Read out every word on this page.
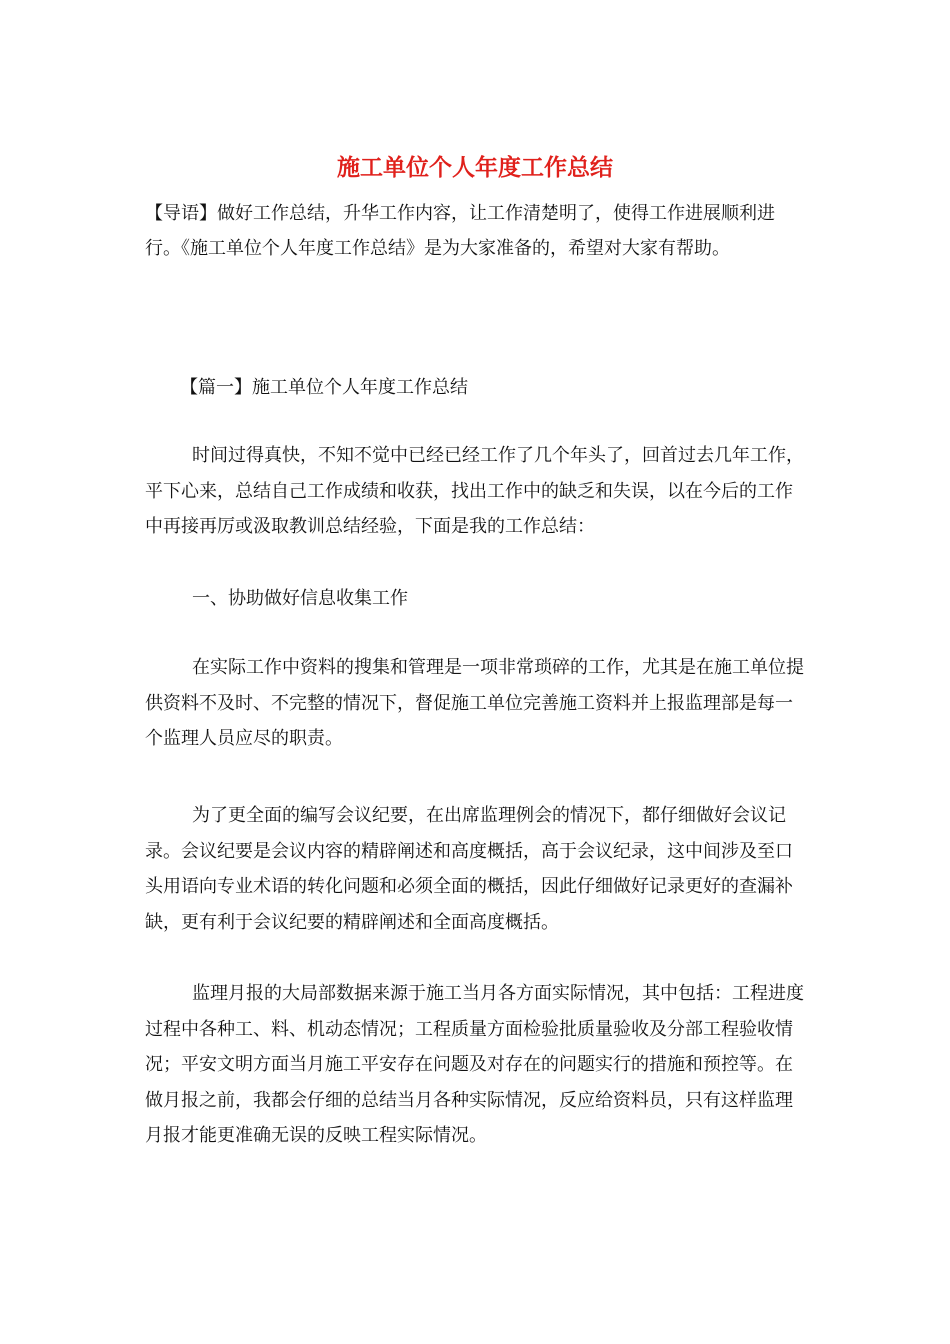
施工单位个人年度工作总结

【导语】做好工作总结，升华工作内容，让工作清楚明了，使得工作进展顺利进行。《施工单位个人年度工作总结》是为大家准备的，希望对大家有帮助。

【篇一】施工单位个人年度工作总结

时间过得真快，不知不觉中已经已经工作了几个年头了，回首过去几年工作，平下心来，总结自己工作成绩和收获，找出工作中的缺乏和失误，以在今后的工作中再接再厉或汲取教训总结经验，下面是我的工作总结：

一、协助做好信息收集工作

在实际工作中资料的搜集和管理是一项非常琐碎的工作，尤其是在施工单位提供资料不及时、不完整的情况下，督促施工单位完善施工资料并上报监理部是每一个监理人员应尽的职责。

为了更全面的编写会议纪要，在出席监理例会的情况下，都仔细做好会议记录。会议纪要是会议内容的精辟阐述和高度概括，高于会议纪录，这中间涉及至口头用语向专业术语的转化问题和必须全面的概括，因此仔细做好记录更好的查漏补缺，更有利于会议纪要的精辟阐述和全面高度概括。

监理月报的大局部数据来源于施工当月各方面实际情况，其中包括：工程进度过程中各种工、料、机动态情况；工程质量方面检验批质量验收及分部工程验收情况；平安文明方面当月施工平安存在问题及对存在的问题实行的措施和预控等。在做月报之前，我都会仔细的总结当月各种实际情况，反应给资料员，只有这样监理月报才能更准确无误的反映工程实际情况。
